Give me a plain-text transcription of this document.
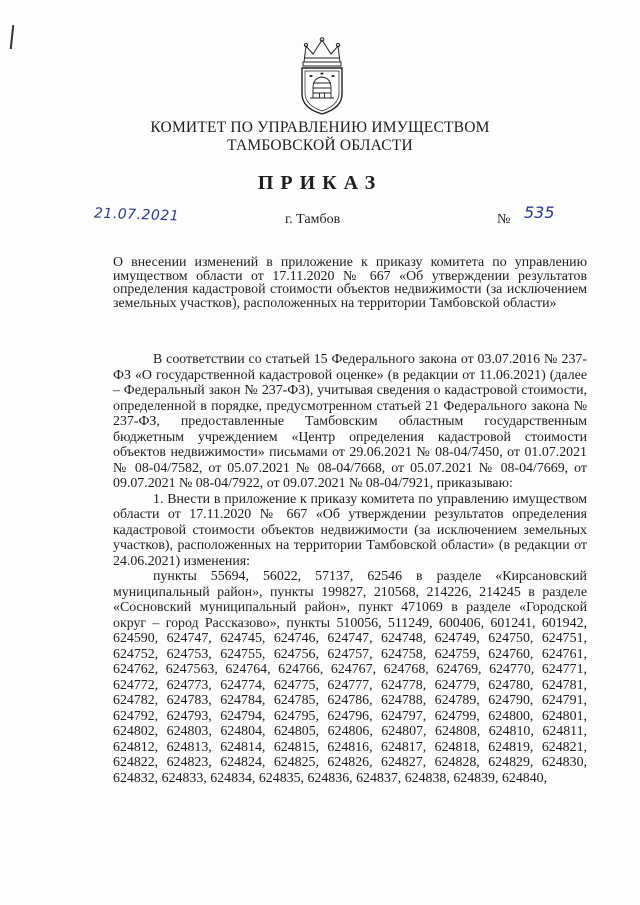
КОМИТЕТ ПО УПРАВЛЕНИЮ ИМУЩЕСТВОМ
ТАМБОВСКОЙ ОБЛАСТИ
ПРИКАЗ
21.07.2021	г. Тамбов	№ 535
О внесении изменений в приложение к приказу комитета по управлению имуществом области от 17.11.2020 № 667 «Об утверждении результатов определения кадастровой стоимости объектов недвижимости (за исключением земельных участков), расположенных на территории Тамбовской области»

В соответствии со статьей 15 Федерального закона от 03.07.2016 № 237-ФЗ «О государственной кадастровой оценке» (в редакции от 11.06.2021) (далее – Федеральный закон № 237-ФЗ), учитывая сведения о кадастровой стоимости, определенной в порядке, предусмотренном статьей 21 Федерального закона № 237-ФЗ, предоставленные Тамбовским областным государственным бюджетным учреждением «Центр определения кадастровой стоимости объектов недвижимости» письмами от 29.06.2021 № 08-04/7450, от 01.07.2021 № 08-04/7582, от 05.07.2021 № 08-04/7668, от 05.07.2021 № 08-04/7669, от 09.07.2021 № 08-04/7922, от 09.07.2021 № 08-04/7921, приказываю:

1. Внести в приложение к приказу комитета по управлению имуществом области от 17.11.2020 № 667 «Об утверждении результатов определения кадастровой стоимости объектов недвижимости (за исключением земельных участков), расположенных на территории Тамбовской области» (в редакции от 24.06.2021) изменения:

пункты 55694, 56022, 57137, 62546 в разделе «Кирсановский муниципальный район», пункты 199827, 210568, 214226, 214245 в разделе «Сосновский муниципальный район», пункт 471069 в разделе «Городской округ – город Рассказово», пункты 510056, 511249, 600406, 601241, 601942, 624590, 624747, 624745, 624746, 624747, 624748, 624749, 624750, 624751, 624752, 624753, 624755, 624756, 624757, 624758, 624759, 624760, 624761, 624762, 6247563, 624764, 624766, 624767, 624768, 624769, 624770, 624771, 624772, 624773, 624774, 624775, 624777, 624778, 624779, 624780, 624781, 624782, 624783, 624784, 624785, 624786, 624788, 624789, 624790, 624791, 624792, 624793, 624794, 624795, 624796, 624797, 624799, 624800, 624801, 624802, 624803, 624804, 624805, 624806, 624807, 624808, 624810, 624811, 624812, 624813, 624814, 624815, 624816, 624817, 624818, 624819, 624821, 624822, 624823, 624824, 624825, 624826, 624827, 624828, 624829, 624830, 624832, 624833, 624834, 624835, 624836, 624837, 624838, 624839, 624840,
